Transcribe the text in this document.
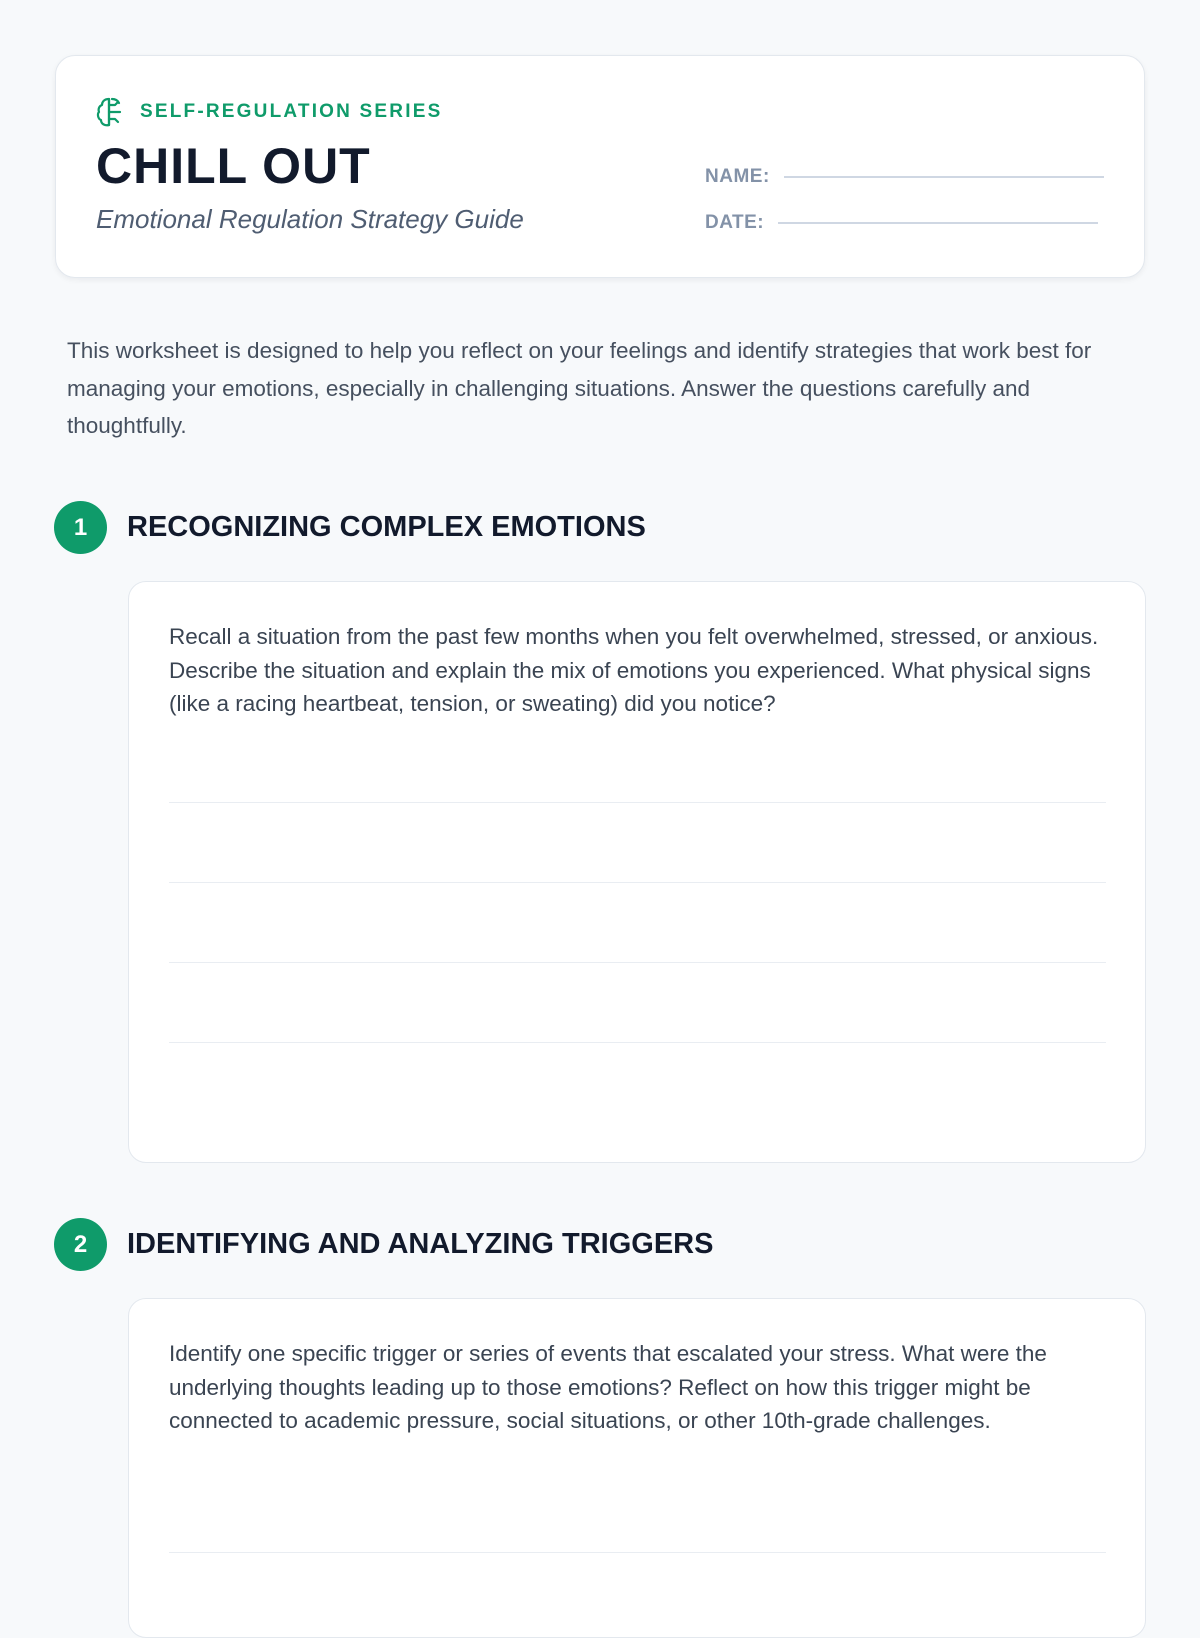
SELF-REGULATION SERIES
CHILL OUT
Emotional Regulation Strategy Guide
NAME:
DATE:

This worksheet is designed to help you reflect on your feelings and identify strategies that work best for managing your emotions, especially in challenging situations. Answer the questions carefully and thoughtfully.

1	RECOGNIZING COMPLEX EMOTIONS

Recall a situation from the past few months when you felt overwhelmed, stressed, or anxious. Describe the situation and explain the mix of emotions you experienced. What physical signs (like a racing heartbeat, tension, or sweating) did you notice?

2	IDENTIFYING AND ANALYZING TRIGGERS

Identify one specific trigger or series of events that escalated your stress. What were the underlying thoughts leading up to those emotions? Reflect on how this trigger might be connected to academic pressure, social situations, or other 10th-grade challenges.
